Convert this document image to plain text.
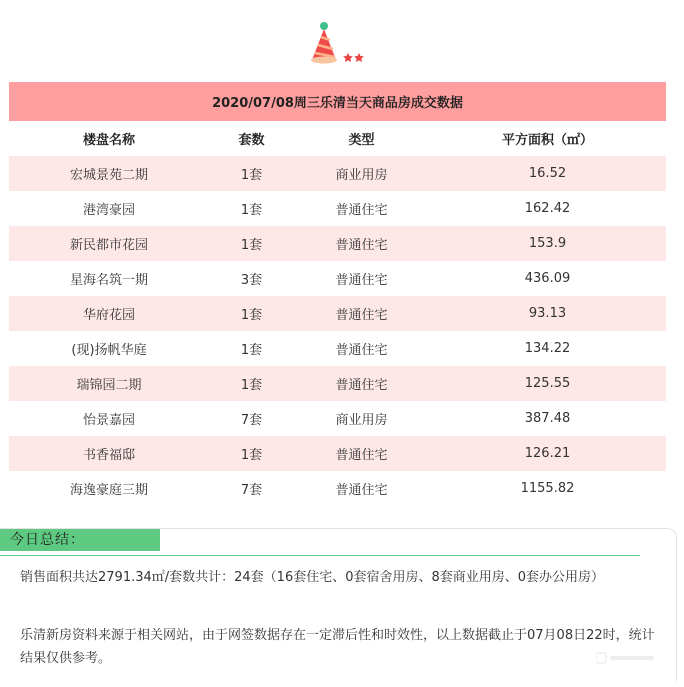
2020/07/08周三乐清当天商品房成交数据
楼盘名称	套数	类型	平方面积（㎡）
宏城景苑二期	1套	商业用房	16.52
港湾豪园	1套	普通住宅	162.42
新民都市花园	1套	普通住宅	153.9
星海名筑一期	3套	普通住宅	436.09
华府花园	1套	普通住宅	93.13
(现)扬帆华庭	1套	普通住宅	134.22
瑞锦园二期	1套	普通住宅	125.55
怡景嘉园	7套	商业用房	387.48
书香福邸	1套	普通住宅	126.21
海逸豪庭三期	7套	普通住宅	1155.82
今日总结：
销售面积共达2791.34㎡/套数共计：24套（16套住宅、0套宿舍用房、8套商业用房、0套办公用房）
乐清新房资料来源于相关网站，由于网签数据存在一定滞后性和时效性，以上数据截止于07月08日22时，统计结果仅供参考。
